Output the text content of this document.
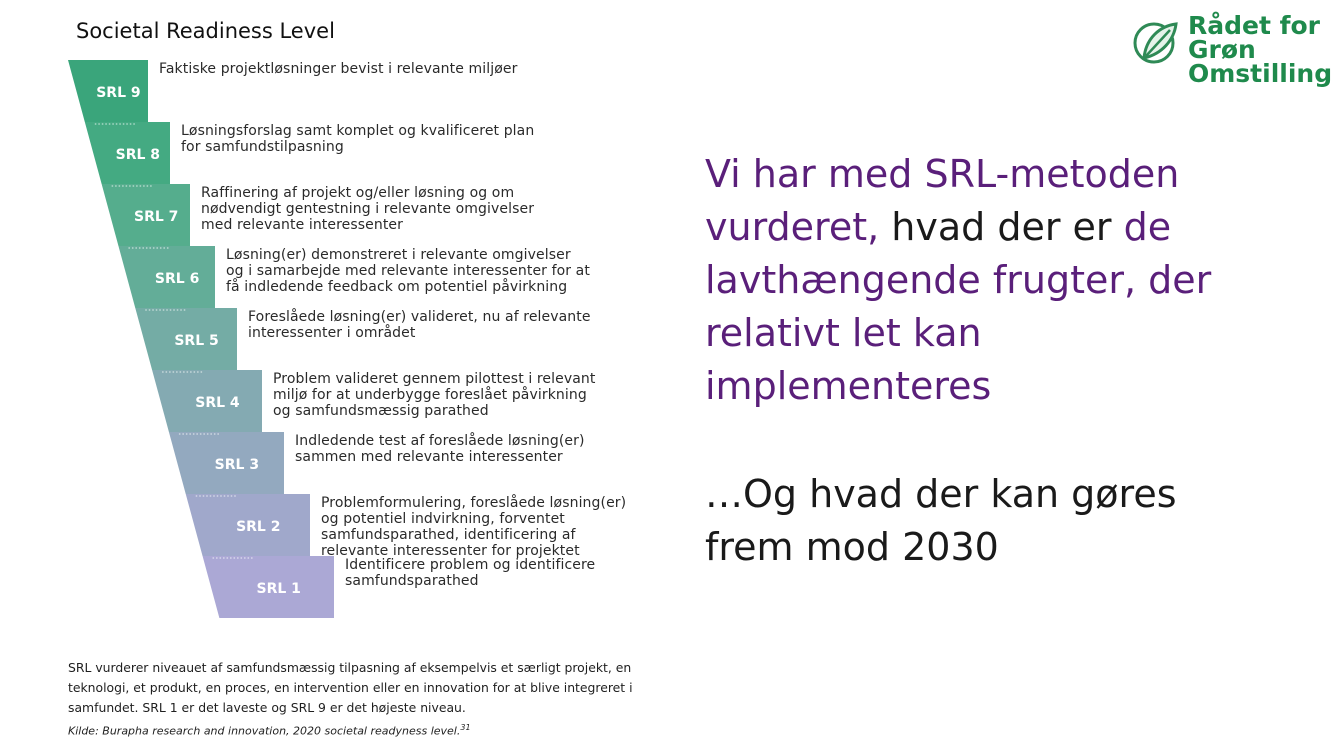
Societal Readiness Level
SRL 9
SRL 8
SRL 7
SRL 6
SRL 5
SRL 4
SRL 3
SRL 2
SRL 1
Faktiske projektløsninger bevist i relevante miljøer
Løsningsforslag samt komplet og kvalificeret plan
for samfundstilpasning
Raffinering af projekt og/eller løsning og om
nødvendigt gentestning i relevante omgivelser
med relevante interessenter
Løsning(er) demonstreret i relevante omgivelser
og i samarbejde med relevante interessenter for at
få indledende feedback om potentiel påvirkning
Foreslåede løsning(er) valideret, nu af relevante
interessenter i området
Problem valideret gennem pilottest i relevant
miljø for at underbygge foreslået påvirkning
og samfundsmæssig parathed
Indledende test af foreslåede løsning(er)
sammen med relevante interessenter
Problemformulering, foreslåede løsning(er)
og potentiel indvirkning, forventet
samfundsparathed, identificering af
relevante interessenter for projektet
Identificere problem og identificere
samfundsparathed
Rådet for
Grøn
Omstilling
Vi har med SRL-metoden vurderet, hvad der er de lavthængende frugter, der relativt let kan implementeres
…Og hvad der kan gøres frem mod 2030

SRL vurderer niveauet af samfundsmæssig tilpasning af eksempelvis et særligt projekt, en

teknologi, et produkt, en proces, en intervention eller en innovation for at blive integreret i

samfundet. SRL 1 er det laveste og SRL 9 er det højeste niveau.

Kilde: Burapha research and innovation, 2020 societal readyness level.$^{31}$
